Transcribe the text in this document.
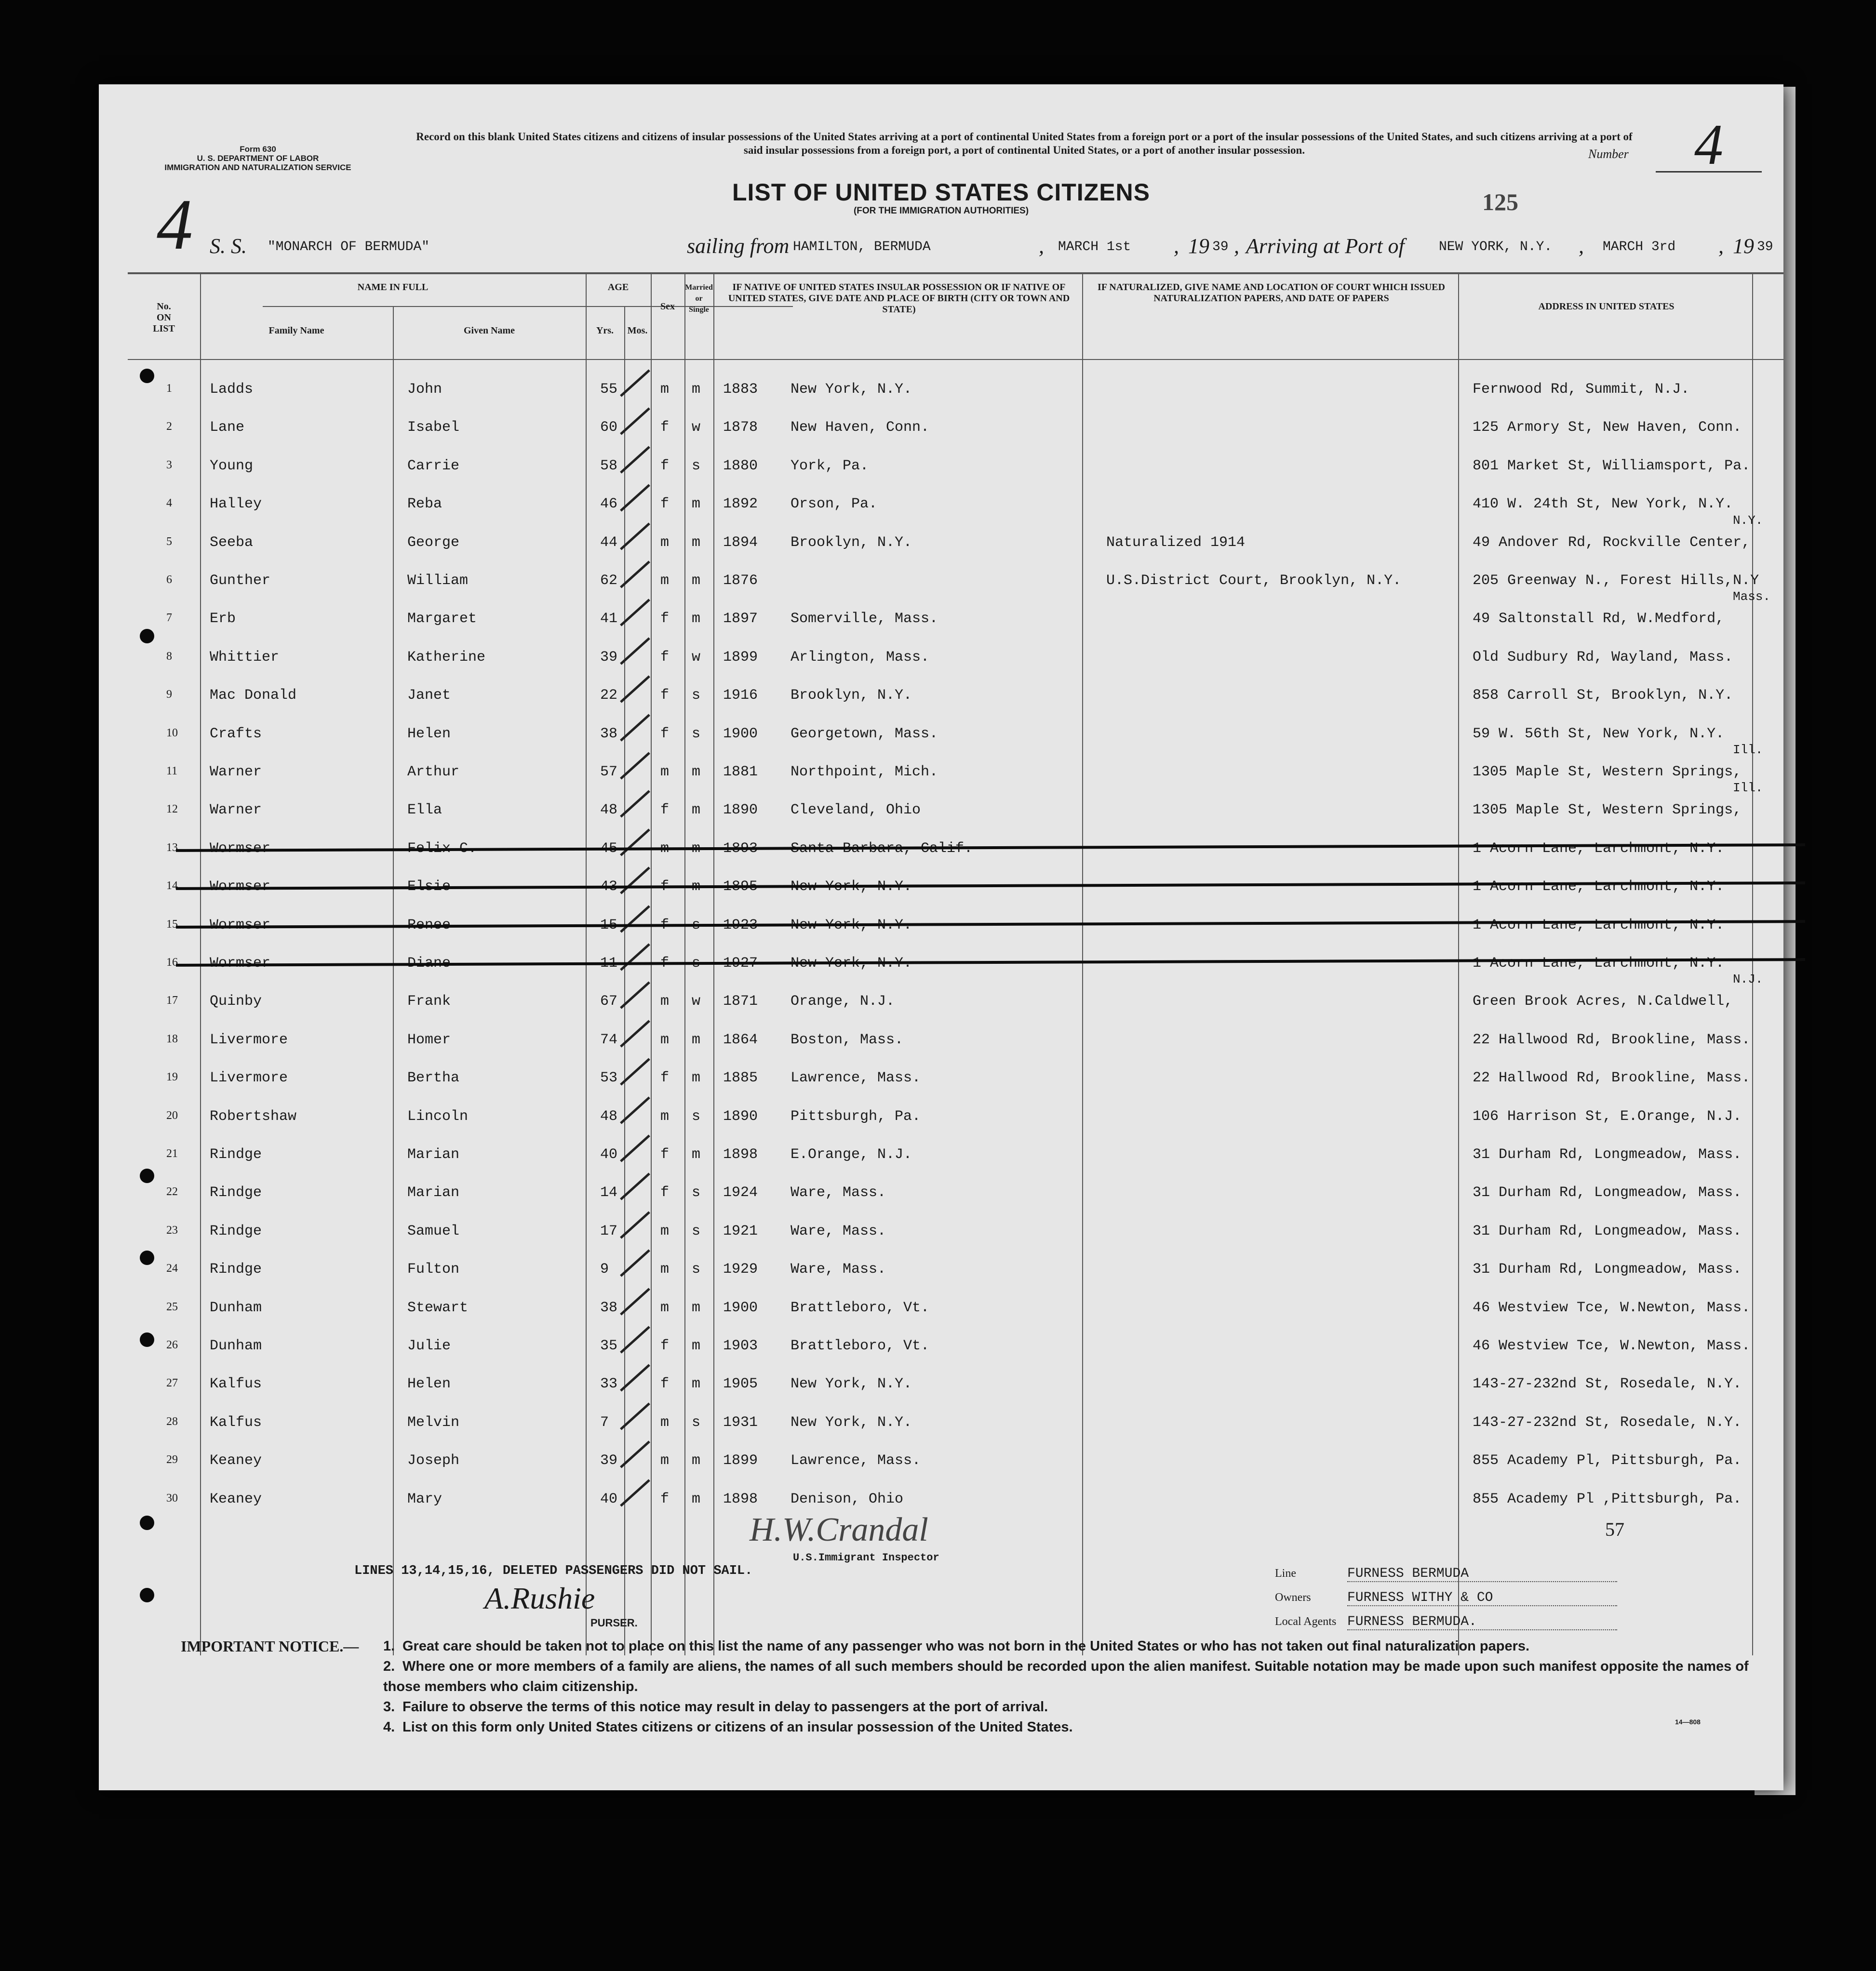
Form 630
U. S. DEPARTMENT OF LABOR
IMMIGRATION AND NATURALIZATION SERVICE
Record on this blank United States citizens and citizens of insular possessions of the United States arriving at a port of continental United States from a foreign port or a port of the insular possessions of the United States, and such citizens arriving at a port of said insular possessions from a foreign port, a port of continental United States, or a port of another insular possession.	Number	4
4	LIST OF UNITED STATES CITIZENS
(FOR THE IMMIGRATION AUTHORITIES)	125
S. S. "MONARCH OF BERMUDA"	sailing from HAMILTON, BERMUDA	, MARCH 1st , 19 39 , Arriving at Port of	NEW YORK, N.Y. , MARCH 3rd , 19 39
No.
ON
LIST
NAME IN FULL
Family Name	Given Name
AGE
Yrs.	Mos.
Sex
Married or Single
IF NATIVE OF UNITED STATES INSULAR POSSESSION OR IF NATIVE OF UNITED STATES, GIVE DATE AND PLACE OF BIRTH (CITY OR TOWN AND STATE)
IF NATURALIZED, GIVE NAME AND LOCATION OF COURT WHICH ISSUED NATURALIZATION PAPERS, AND DATE OF PAPERS
ADDRESS IN UNITED STATES
1	Ladds	John	55	m m 1883 New York, N.Y.	Fernwood Rd, Summit, N.J.
2	Lane	Isabel	60	f w 1878 New Haven, Conn.	125 Armory St, New Haven, Conn.
3	Young	Carrie	58	f s 1880 York, Pa.	801 Market St, Williamsport, Pa.
4	Halley	Reba	46	f m 1892 Orson, Pa.	410 W. 24th St, New York, N.Y.
5	Seeba	George	44	m m 1894 Brooklyn, N.Y.	Naturalized 1914	49 Andover Rd, Rockville Center,
N.Y.
6	Gunther	William	62	m m 1876	U.S.District Court, Brooklyn, N.Y.	205 Greenway N., Forest Hills,N.Y
7	Erb	Margaret	41	f m 1897 Somerville, Mass.	49 Saltonstall Rd, W.Medford,
Mass.
8	Whittier	Katherine	39	f w 1899 Arlington, Mass.	Old Sudbury Rd, Wayland, Mass.
9	Mac Donald	Janet	22	f s 1916 Brooklyn, N.Y.	858 Carroll St, Brooklyn, N.Y.
10 Crafts	Helen	38	f s 1900 Georgetown, Mass.	59 W. 56th St, New York, N.Y.
11 Warner	Arthur	57	m m 1881 Northpoint, Mich.	1305 Maple St, Western Springs,
Ill.
12 Warner	Ella	48	f m 1890 Cleveland, Ohio	1305 Maple St, Western Springs,
Ill.
13 Wormser	Felix C.	45	m m 1893 Santa Barbara, Calif.	1 Acorn Lane, Larchmont, N.Y.
14 Wormser	Elsie	43	f m 1895 New York, N.Y.	1 Acorn Lane, Larchmont, N.Y.
15 Wormser	Renee	15	f s 1923 New York, N.Y.	1 Acorn Lane, Larchmont, N.Y.
16 Wormser	Diane	11	f s 1927 New York, N.Y.	1 Acorn Lane, Larchmont, N.Y.
17 Quinby	Frank	67	m w 1871 Orange, N.J.	Green Brook Acres, N.Caldwell,
N.J.
18 Livermore	Homer	74	m m 1864 Boston, Mass.	22 Hallwood Rd, Brookline, Mass.
19 Livermore	Bertha	53	f m 1885 Lawrence, Mass.	22 Hallwood Rd, Brookline, Mass.
20 Robertshaw	Lincoln	48	m s 1890 Pittsburgh, Pa.	106 Harrison St, E.Orange, N.J.
21 Rindge	Marian	40	f m 1898 E.Orange, N.J.	31 Durham Rd, Longmeadow, Mass.
22 Rindge	Marian	14	f s 1924 Ware, Mass.	31 Durham Rd, Longmeadow, Mass.
23 Rindge	Samuel	17	m s 1921 Ware, Mass.	31 Durham Rd, Longmeadow, Mass.
24 Rindge	Fulton	9	m s 1929 Ware, Mass.	31 Durham Rd, Longmeadow, Mass.
25 Dunham	Stewart	38	m m 1900 Brattleboro, Vt.	46 Westview Tce, W.Newton, Mass.
26 Dunham	Julie	35	f m 1903 Brattleboro, Vt.	46 Westview Tce, W.Newton, Mass.
27 Kalfus	Helen	33	f m 1905 New York, N.Y.	143-27-232nd St, Rosedale, N.Y.
28 Kalfus	Melvin	7	m s 1931 New York, N.Y.	143-27-232nd St, Rosedale, N.Y.
29 Keaney	Joseph	39	m m 1899 Lawrence, Mass.	855 Academy Pl, Pittsburgh, Pa.
30 Keaney	Mary	40	f m 1898 Denison, Ohio	855 Academy Pl ,Pittsburgh, Pa.
LINES 13,14,15,16, DELETED PASSENGERS DID NOT SAIL.
A.Rushie
PURSER.
H.W.Crandal
U.S.Immigrant Inspector
57
Line	FURNESS BERMUDA
Owners	FURNESS WITHY & CO
Local Agents FURNESS BERMUDA.
IMPORTANT NOTICE.— 1. Great care should be taken not to place on this list the name of any passenger who was not born in the United States or who has not taken out final naturalization papers.
2. Where one or more members of a family are aliens, the names of all such members should be recorded upon the alien manifest. Suitable notation may be made upon such manifest opposite the names of those members who claim citizenship.
3. Failure to observe the terms of this notice may result in delay to passengers at the port of arrival.
4. List on this form only United States citizens or citizens of an insular possession of the United States.	14—808
